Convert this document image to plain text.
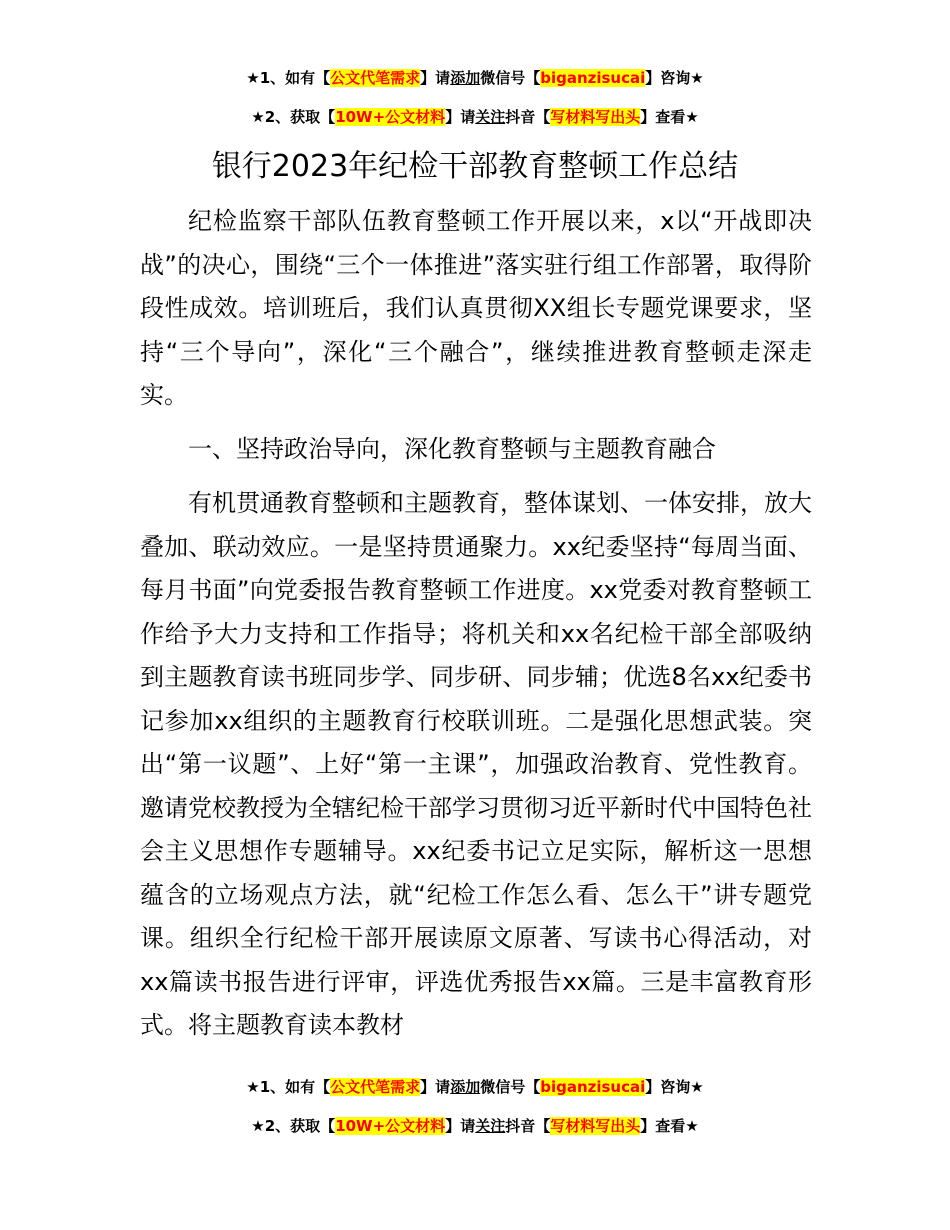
★1、如有【公文代笔需求】请添加微信号【biganzisucai】咨询★
★2、获取【10W+公文材料】请关注抖音【写材料写出头】查看★
银行2023年纪检干部教育整顿工作总结

纪检监察干部队伍教育整顿工作开展以来，x以“开战即决战”的决心，围绕“三个一体推进”落实驻行组工作部署，取得阶段性成效。培训班后，我们认真贯彻XX组长专题党课要求，坚持“三个导向”，深化“三个融合”，继续推进教育整顿走深走实。

一、坚持政治导向，深化教育整顿与主题教育融合

有机贯通教育整顿和主题教育，整体谋划、一体安排，放大叠加、联动效应。一是坚持贯通聚力。xx纪委坚持“每周当面、每月书面”向党委报告教育整顿工作进度。xx党委对教育整顿工作给予大力支持和工作指导；将机关和xx名纪检干部全部吸纳到主题教育读书班同步学、同步研、同步辅；优选8名xx纪委书记参加xx组织的主题教育行校联训班。二是强化思想武装。突出“第一议题”、上好“第一主课”，加强政治教育、党性教育。邀请党校教授为全辖纪检干部学习贯彻习近平新时代中国特色社会主义思想作专题辅导。xx纪委书记立足实际，解析这一思想蕴含的立场观点方法，就“纪检工作怎么看、怎么干”讲专题党课。组织全行纪检干部开展读原文原著、写读书心得活动，对xx篇读书报告进行评审，评选优秀报告xx篇。三是丰富教育形式。将主题教育读本教材

★1、如有【公文代笔需求】请添加微信号【biganzisucai】咨询★
★2、获取【10W+公文材料】请关注抖音【写材料写出头】查看★
